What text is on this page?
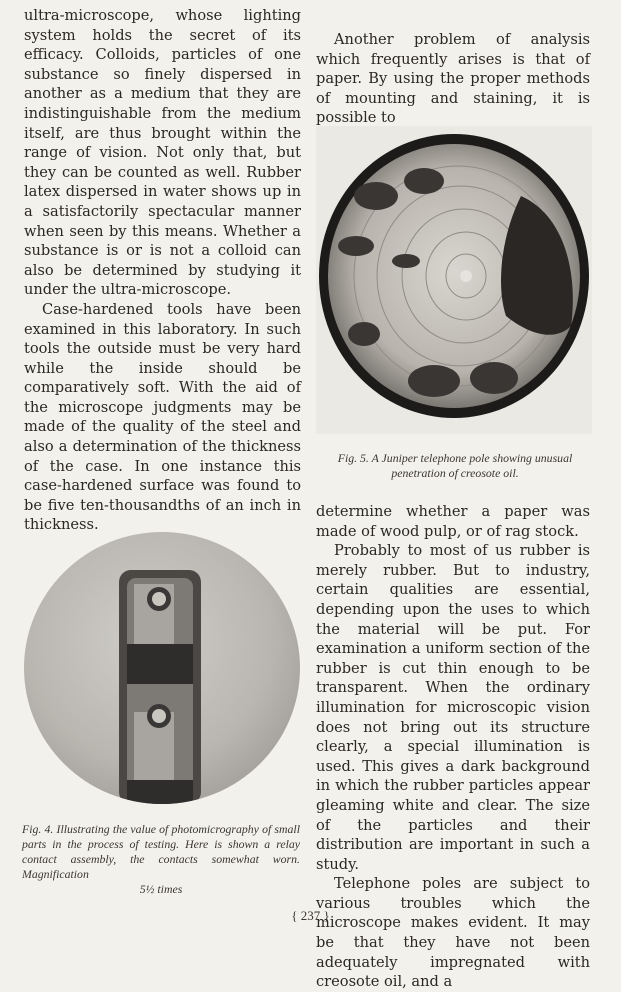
ultra-microscope, whose lighting system holds the secret of its efficacy. Colloids, particles of one substance so finely dispersed in another as a medium that they are indistinguishable from the medium itself, are thus brought within the range of vision. Not only that, but they can be counted as well. Rubber latex dispersed in water shows up in a satisfactorily spectacular manner when seen by this means. Whether a substance is or is not a colloid can also be determined by studying it under the ultra-microscope.

Case-hardened tools have been examined in this laboratory. In such tools the outside must be very hard while the inside should be comparatively soft. With the aid of the microscope judgments may be made of the quality of the steel and also a determination of the thickness of the case. In one instance this case-hardened surface was found to be five ten-thousandths of an inch in thickness.

Another problem of analysis which frequently arises is that of paper. By using the proper methods of mounting and staining, it is possible to

Fig. 5. A Juniper telephone pole showing unusual penetration of creosote oil.

determine whether a paper was made of wood pulp, or of rag stock.

Probably to most of us rubber is merely rubber. But to industry, certain qualities are essential, depending upon the uses to which the material will be put. For examination a uniform section of the rubber is cut thin enough to be transparent. When the ordinary illumination for microscopic vision does not bring out its structure clearly, a special illumination is used. This gives a dark background in which the rubber particles appear gleaming white and clear. The size of the particles and their distribution are important in such a study.

Telephone poles are subject to various troubles which the microscope makes evident. It may be that they have not been adequately impregnated with creosote oil, and a

Fig. 4. Illustrating the value of photomicrography of small parts in the process of testing. Here is shown a relay contact assembly, the contacts somewhat worn. Magnification
5½ times
{ 237 }
